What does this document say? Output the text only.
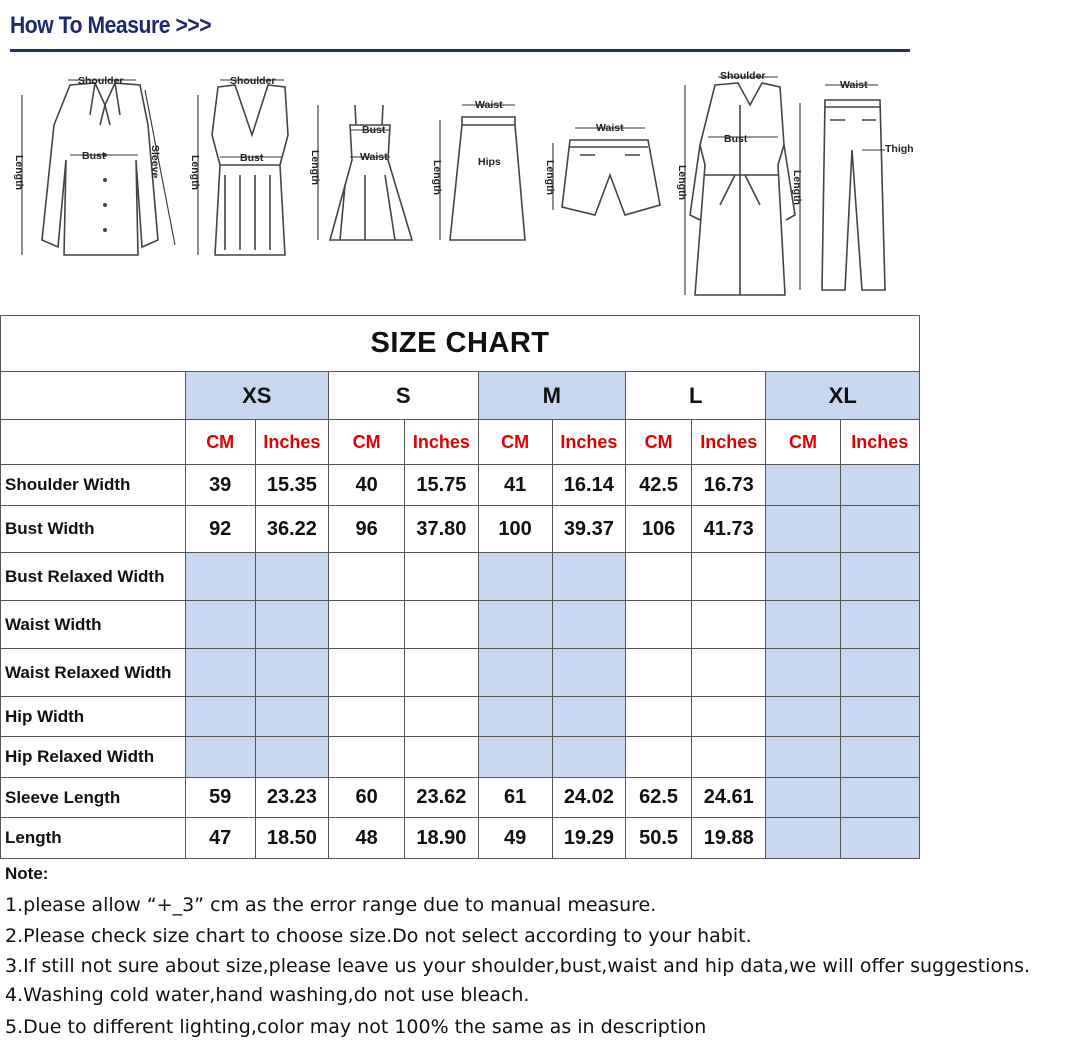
How To Measure >>>
Shoulder
Bust
Length	Sleeve
Shoulder
Bust
Length
Bust
Waist
Length
Waist
Hips
Length
Waist
Length
Shoulder
Bust
Length
Waist
Thigh
Length
SIZE CHART										
	XS		S		M		L		XL	
	CM	Inches	CM	Inches	CM	Inches	CM	Inches	CM	Inches
Shoulder Width	39	15.35	40	15.75	41	16.14	42.5	16.73		
Bust Width	92	36.22	96	37.80	100	39.37	106	41.73		
Bust Relaxed Width										
Waist Width										
Waist Relaxed Width										
Hip Width										
Hip Relaxed Width										
Sleeve Length	59	23.23	60	23.62	61	24.02	62.5	24.61		
Length	47	18.50	48	18.90	49	19.29	50.5	19.88		
Note:
1.please allow “+_3” cm as the error range due to manual measure.
2.Please check size chart to choose size.Do not select according to your habit.
3.If still not sure about size,please leave us your shoulder,bust,waist and hip data,we will offer suggestions.
4.Washing cold water,hand washing,do not use bleach.
5.Due to different lighting,color may not 100% the same as in description
